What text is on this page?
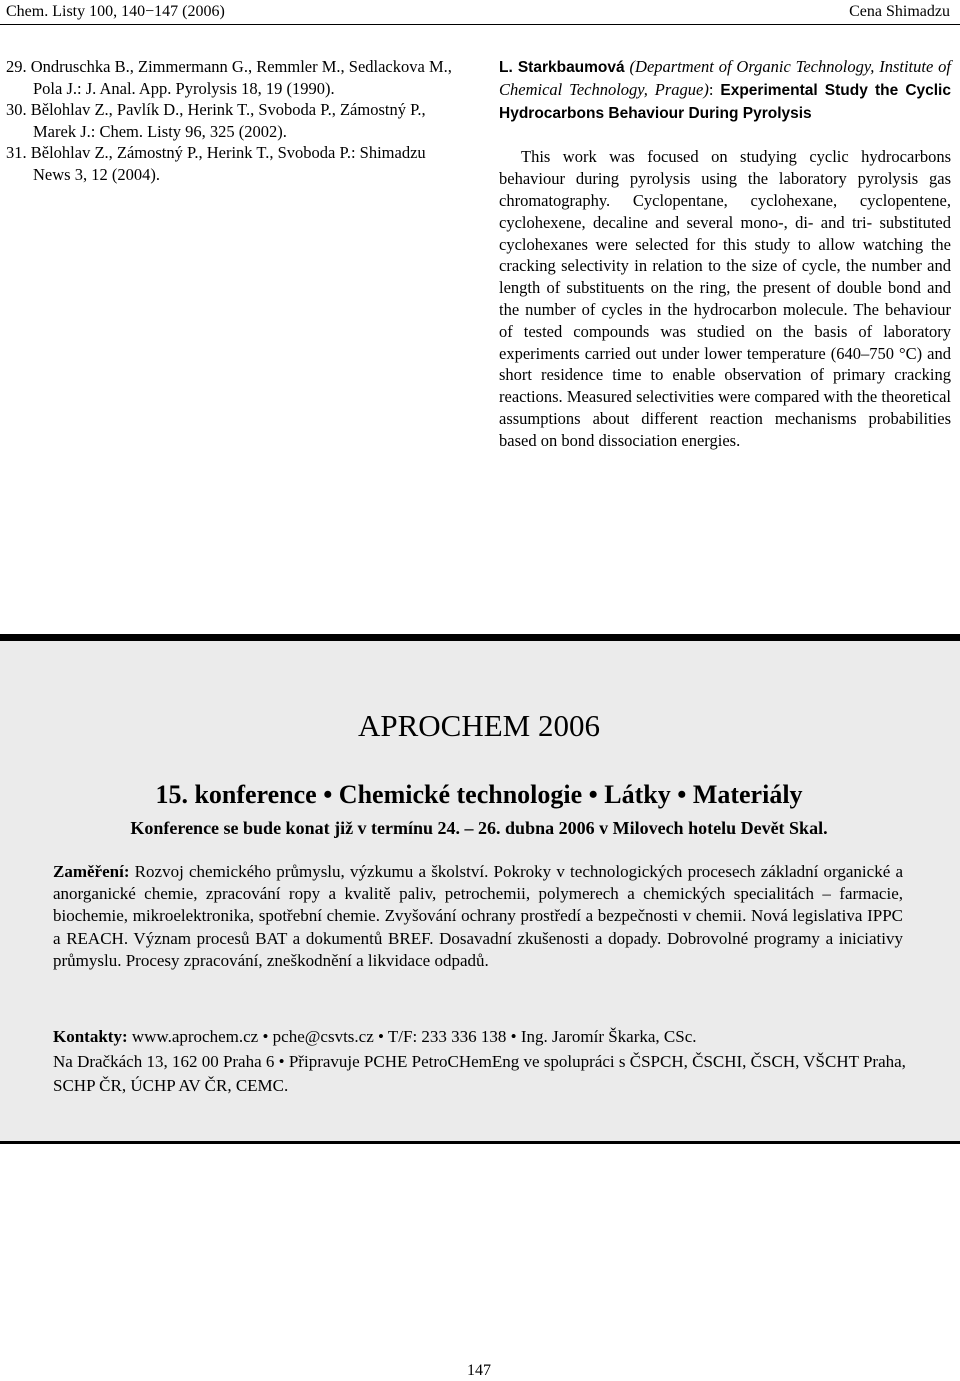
Chem. Listy 100, 140−147 (2006)	Cena Shimadzu

29. Ondruschka B., Zimmermann G., Remmler M., Sedlackova M., Pola J.: J. Anal. App. Pyrolysis 18, 19 (1990).

30. Bělohlav Z., Pavlík D., Herink T., Svoboda P., Zámostný P., Marek J.: Chem. Listy 96, 325 (2002).

31. Bělohlav Z., Zámostný P., Herink T., Svoboda P.: Shimadzu News 3, 12 (2004).

L. Starkbaumová (Department of Organic Technology, Institute of Chemical Technology, Prague): Experimental Study the Cyclic Hydrocarbons Behaviour During Pyrolysis

This work was focused on studying cyclic hydrocarbons behaviour during pyrolysis using the laboratory pyrolysis gas chromatography. Cyclopentane, cyclohexane, cyclopentene, cyclohexene, decaline and several mono-, di- and tri- substituted cyclohexanes were selected for this study to allow watching the cracking selectivity in relation to the size of cycle, the number and length of substituents on the ring, the present of double bond and the number of cycles in the hydrocarbon molecule. The behaviour of tested compounds was studied on the basis of laboratory experiments carried out under lower temperature (640–750 °C) and short residence time to enable observation of primary cracking reactions. Measured selectivities were compared with the theoretical assumptions about different reaction mechanisms probabilities based on bond dissociation energies.

APROCHEM 2006
15. konference • Chemické technologie • Látky • Materiály
Konference se bude konat již v termínu 24. – 26. dubna 2006 v Milovech hotelu Devět Skal.

Zaměření: Rozvoj chemického průmyslu, výzkumu a školství. Pokroky v technologických procesech základní organické a anorganické chemie, zpracování ropy a kvalitě paliv, petrochemii, polymerech a chemických specialitách – farmacie, biochemie, mikroelektronika, spotřební chemie. Zvyšování ochrany prostředí a bezpečnosti v chemii. Nová legislativa IPPC a REACH. Význam procesů BAT a dokumentů BREF. Dosavadní zkušenosti a dopady. Dobrovolné programy a iniciativy průmyslu. Procesy zpracování, zneškodnění a likvidace odpadů.

Kontakty: www.aprochem.cz • pche@csvts.cz • T/F: 233 336 138 • Ing. Jaromír Škarka, CSc.
Na Dračkách 13, 162 00 Praha 6 • Připravuje PCHE PetroCHemEng ve spolupráci s ČSPCH, ČSCHI, ČSCH, VŠCHT Praha, SCHP ČR, ÚCHP AV ČR, CEMC.

147
